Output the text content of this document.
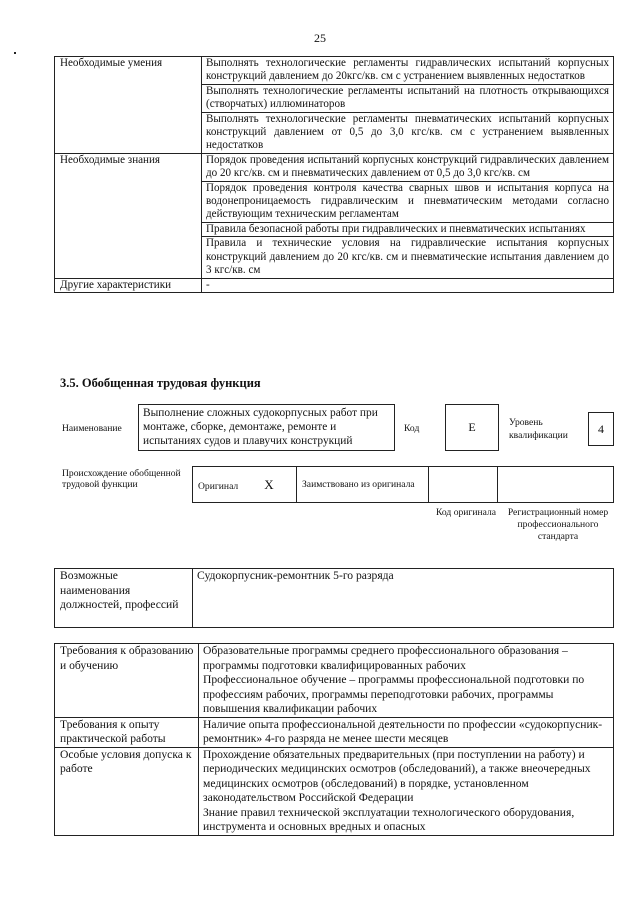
25
Необходимые умения	Выполнять технологические регламенты гидравлических испытаний корпусных конструкций давлением до 20кгс/кв. см с устранением выявленных недостатков
	Выполнять технологические регламенты испытаний на плотность открывающихся (створчатых) иллюминаторов
	Выполнять технологические регламенты пневматических испытаний корпусных конструкций давлением от 0,5 до 3,0 кгс/кв. см с устранением выявленных недостатков
Необходимые знания	Порядок проведения испытаний корпусных конструкций гидравлических давлением до 20 кгс/кв. см и пневматических давлением от 0,5 до 3,0 кгс/кв. см
	Порядок проведения контроля качества сварных швов и испытания корпуса на водонепроницаемость гидравлическим и пневматическим методами согласно действующим техническим регламентам
	Правила безопасной работы при гидравлических и пневматических испытаниях
	Правила и технические условия на гидравлические испытания корпусных конструкций давлением до 20 кгс/кв. см и пневматические испытания давлением до 3 кгс/кв. см
Другие характеристики	-
3.5. Обобщенная трудовая функция
Наименование
Выполнение сложных судокорпусных работ при монтаже, сборке, демонтаже, ремонте и испытаниях судов и плавучих конструкций
Код	E	Уровень квалификации	4
Происхождение обобщенной трудовой функции	Оригинал X	Заимствовано из оригинала		
Код оригинала	Регистрационный номер профессионального стандарта
Возможные наименования должностей, профессий	Судокорпусник-ремонтник 5-го разряда
Требования к образованию и обучению	Образовательные программы среднего профессионального образования – программы подготовки квалифицированных рабочих
Профессиональное обучение – программы профессиональной подготовки по профессиям рабочих, программы переподготовки рабочих, программы повышения квалификации рабочих

Требования к опыту практической работы	Наличие опыта профессиональной деятельности по профессии «судокорпусник-ремонтник» 4-го разряда не менее шести месяцев
Особые условия допуска к работе	Прохождение обязательных предварительных (при поступлении на работу) и периодических медицинских осмотров (обследований), а также внеочередных медицинских осмотров (обследований) в порядке, установленном законодательством Российской Федерации
Знание правил технической эксплуатации технологического оборудования, инструмента и основных вредных и опасных
